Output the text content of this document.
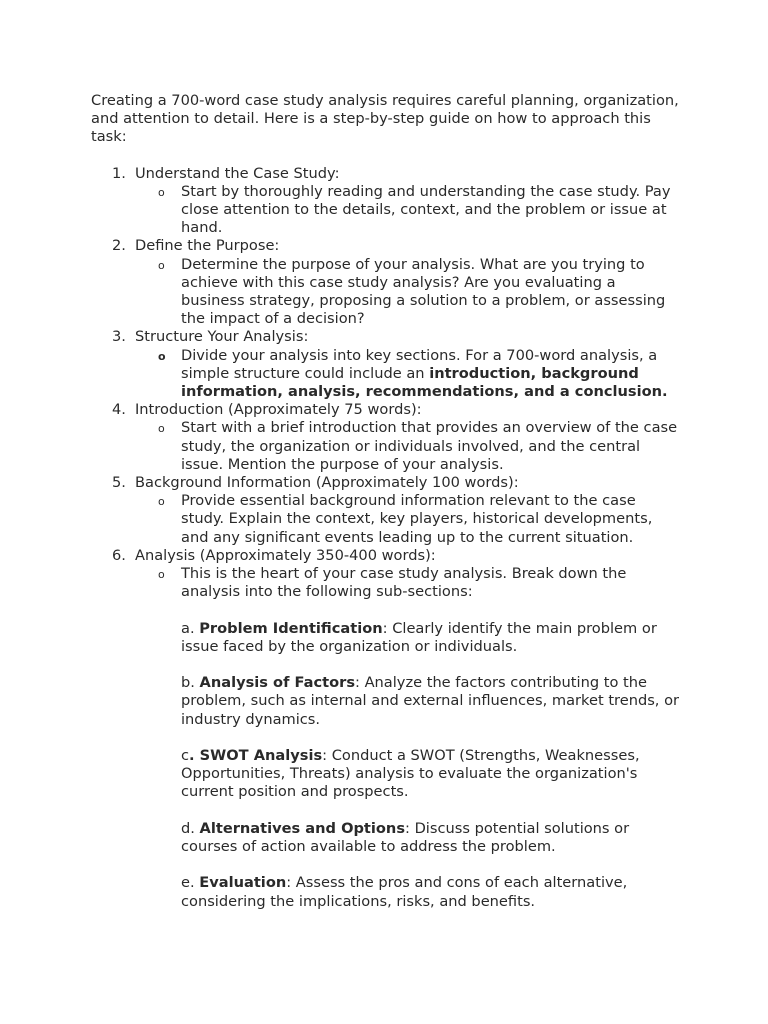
Creating a 700-word case study analysis requires careful planning, organization, and attention to detail. Here is a step-by-step guide on how to approach this task:

1. Understand the Case Study:
o Start by thoroughly reading and understanding the case study. Pay close attention to the details, context, and the problem or issue at hand.
2. Define the Purpose:
o Determine the purpose of your analysis. What are you trying to achieve with this case study analysis? Are you evaluating a business strategy, proposing a solution to a problem, or assessing the impact of a decision?
3. Structure Your Analysis:
o Divide your analysis into key sections. For a 700-word analysis, a simple structure could include an introduction, background information, analysis, recommendations, and a conclusion.
4. Introduction (Approximately 75 words):
o Start with a brief introduction that provides an overview of the case study, the organization or individuals involved, and the central issue. Mention the purpose of your analysis.
5. Background Information (Approximately 100 words):
o Provide essential background information relevant to the case study. Explain the context, key players, historical developments, and any significant events leading up to the current situation.
6. Analysis (Approximately 350-400 words):
o This is the heart of your case study analysis. Break down the analysis into the following sub-sections:
a. Problem Identification: Clearly identify the main problem or issue faced by the organization or individuals.
b. Analysis of Factors: Analyze the factors contributing to the problem, such as internal and external influences, market trends, or industry dynamics.
c. SWOT Analysis: Conduct a SWOT (Strengths, Weaknesses, Opportunities, Threats) analysis to evaluate the organization's current position and prospects.
d. Alternatives and Options: Discuss potential solutions or courses of action available to address the problem.
e. Evaluation: Assess the pros and cons of each alternative, considering the implications, risks, and benefits.
